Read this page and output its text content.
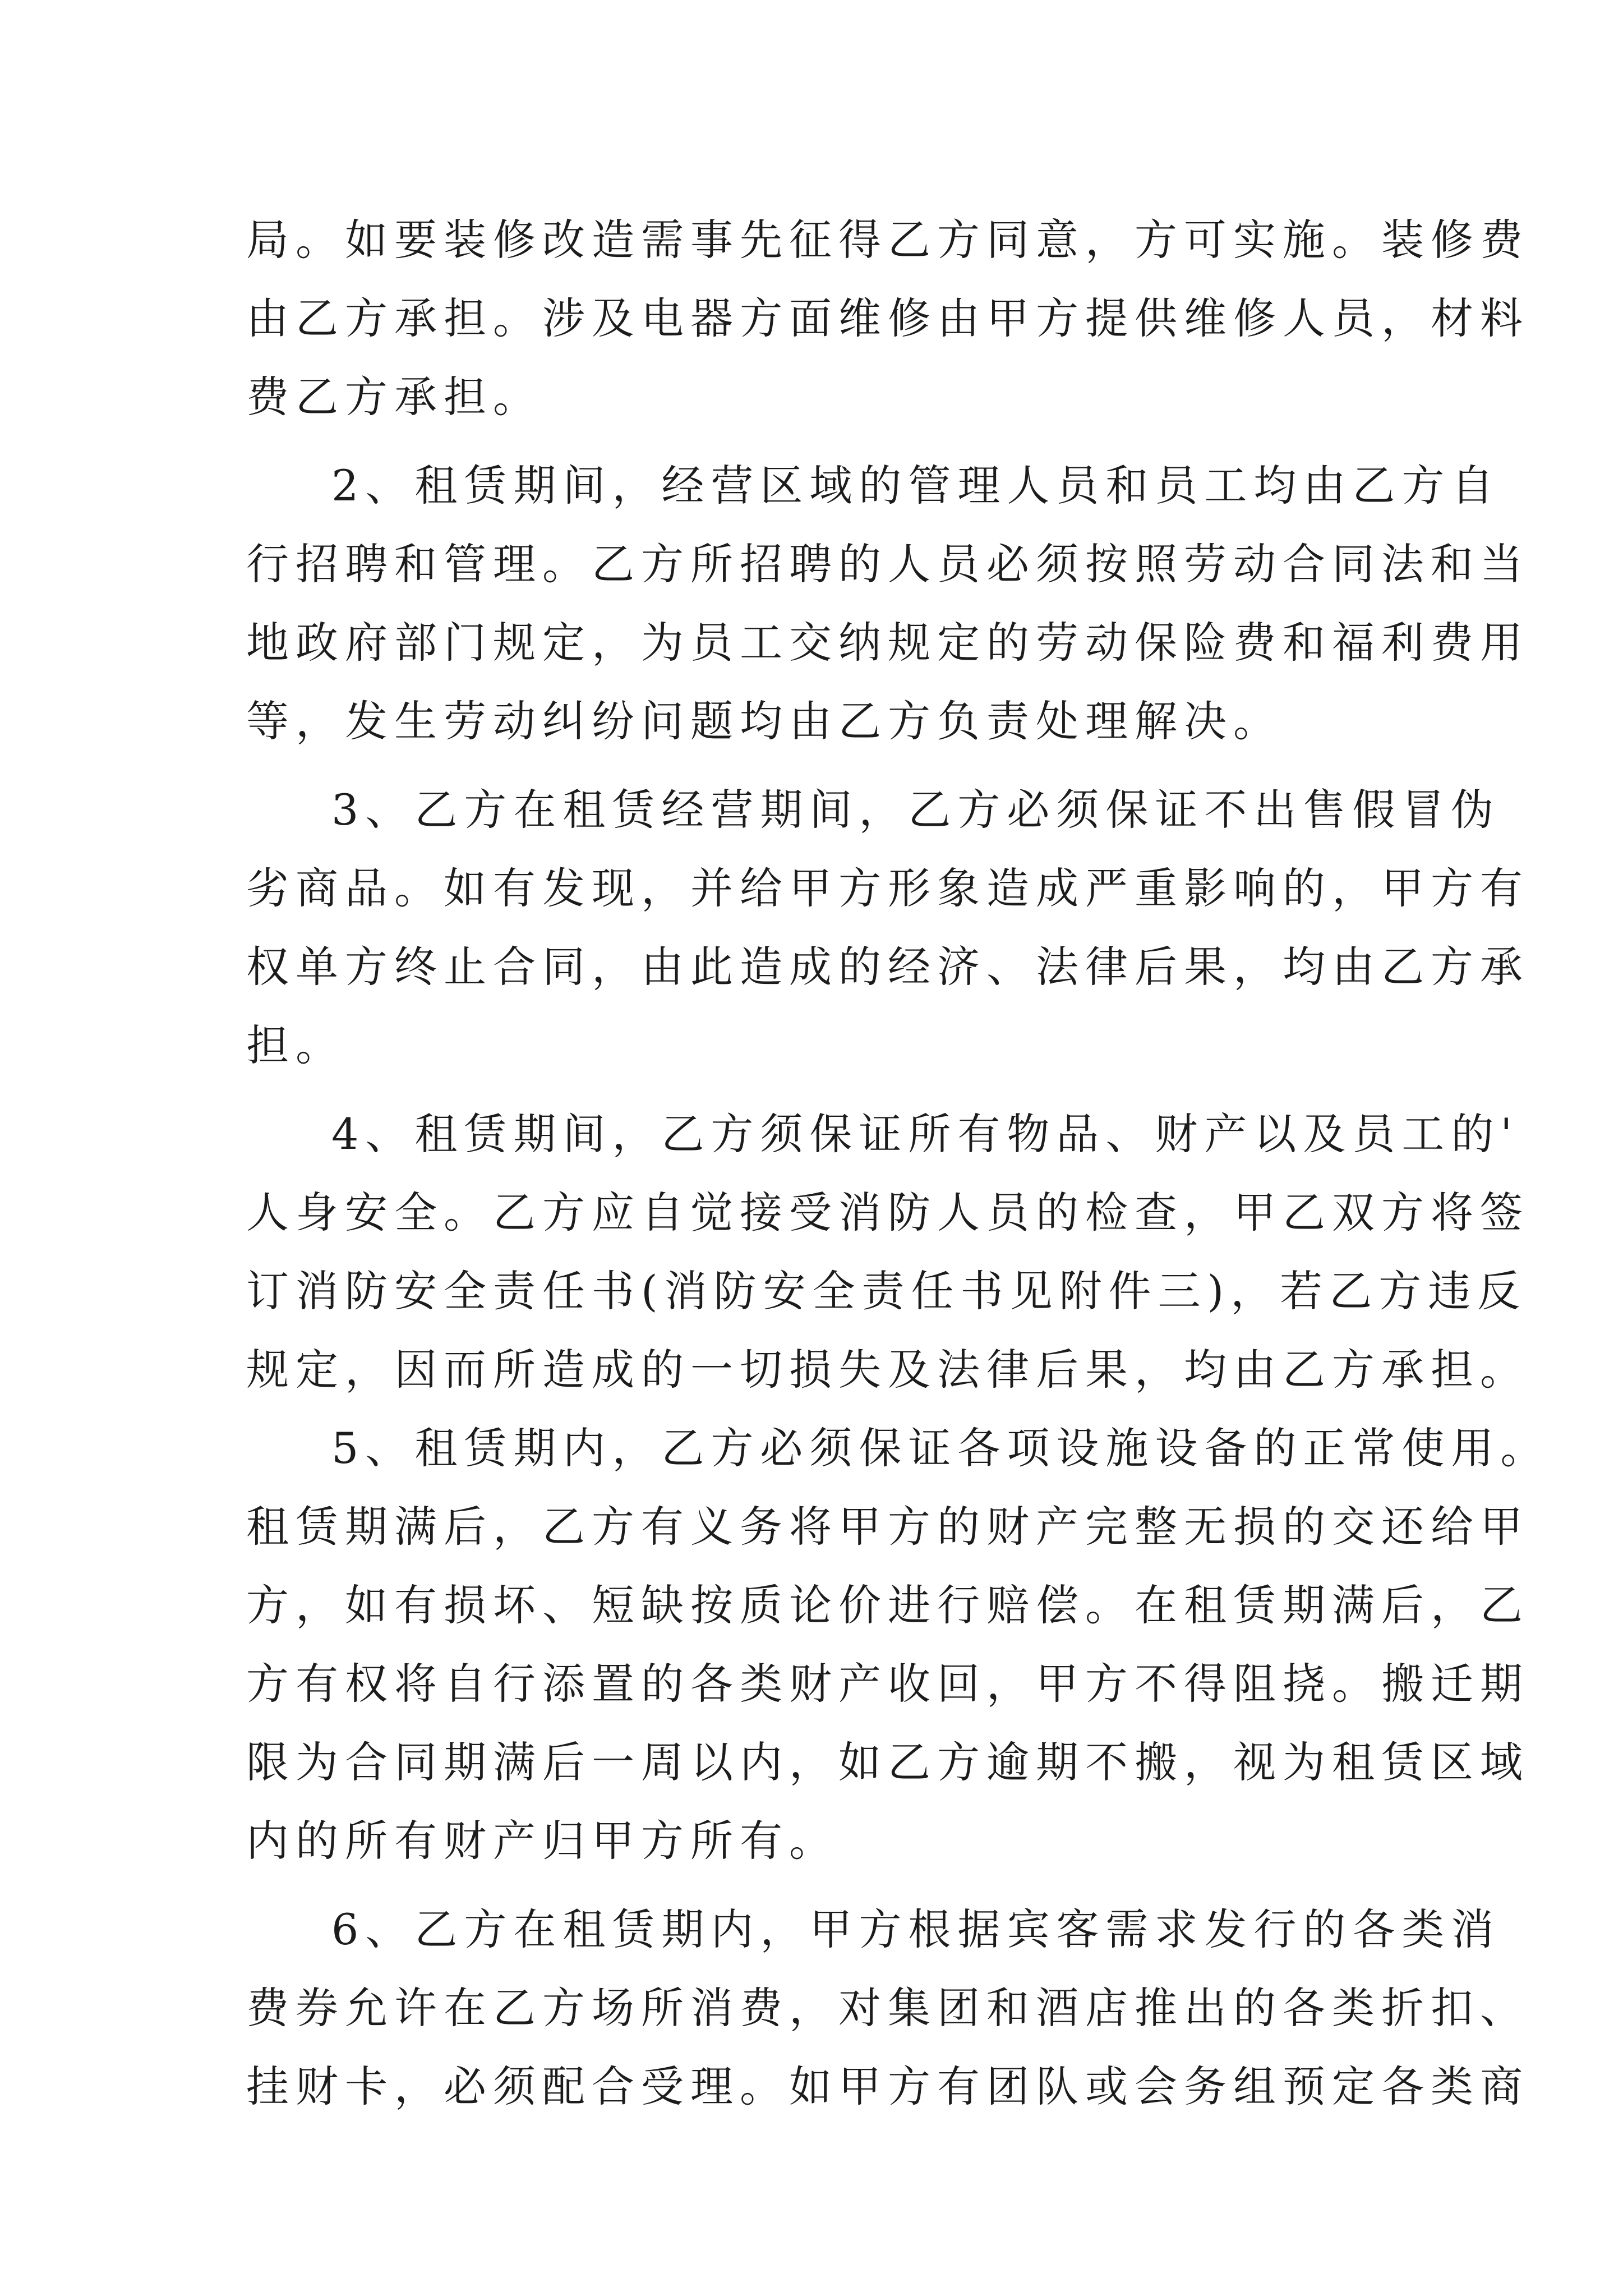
局。如要装修改造需事先征得乙方同意，方可实施。装修费
由乙方承担。涉及电器方面维修由甲方提供维修人员，材料
费乙方承担。
2、租赁期间，经营区域的管理人员和员工均由乙方自
行招聘和管理。乙方所招聘的人员必须按照劳动合同法和当
地政府部门规定，为员工交纳规定的劳动保险费和福利费用
等，发生劳动纠纷问题均由乙方负责处理解决。
3、乙方在租赁经营期间，乙方必须保证不出售假冒伪
劣商品。如有发现，并给甲方形象造成严重影响的，甲方有
权单方终止合同，由此造成的经济、法律后果，均由乙方承
担。
4、租赁期间，乙方须保证所有物品、财产以及员工的'
人身安全。乙方应自觉接受消防人员的检查，甲乙双方将签
订消防安全责任书(消防安全责任书见附件三)，若乙方违反
规定，因而所造成的一切损失及法律后果，均由乙方承担。
5、租赁期内，乙方必须保证各项设施设备的正常使用。
租赁期满后，乙方有义务将甲方的财产完整无损的交还给甲
方，如有损坏、短缺按质论价进行赔偿。在租赁期满后，乙
方有权将自行添置的各类财产收回，甲方不得阻挠。搬迁期
限为合同期满后一周以内，如乙方逾期不搬，视为租赁区域
内的所有财产归甲方所有。
6、乙方在租赁期内，甲方根据宾客需求发行的各类消
费券允许在乙方场所消费，对集团和酒店推出的各类折扣、
挂财卡，必须配合受理。如甲方有团队或会务组预定各类商
